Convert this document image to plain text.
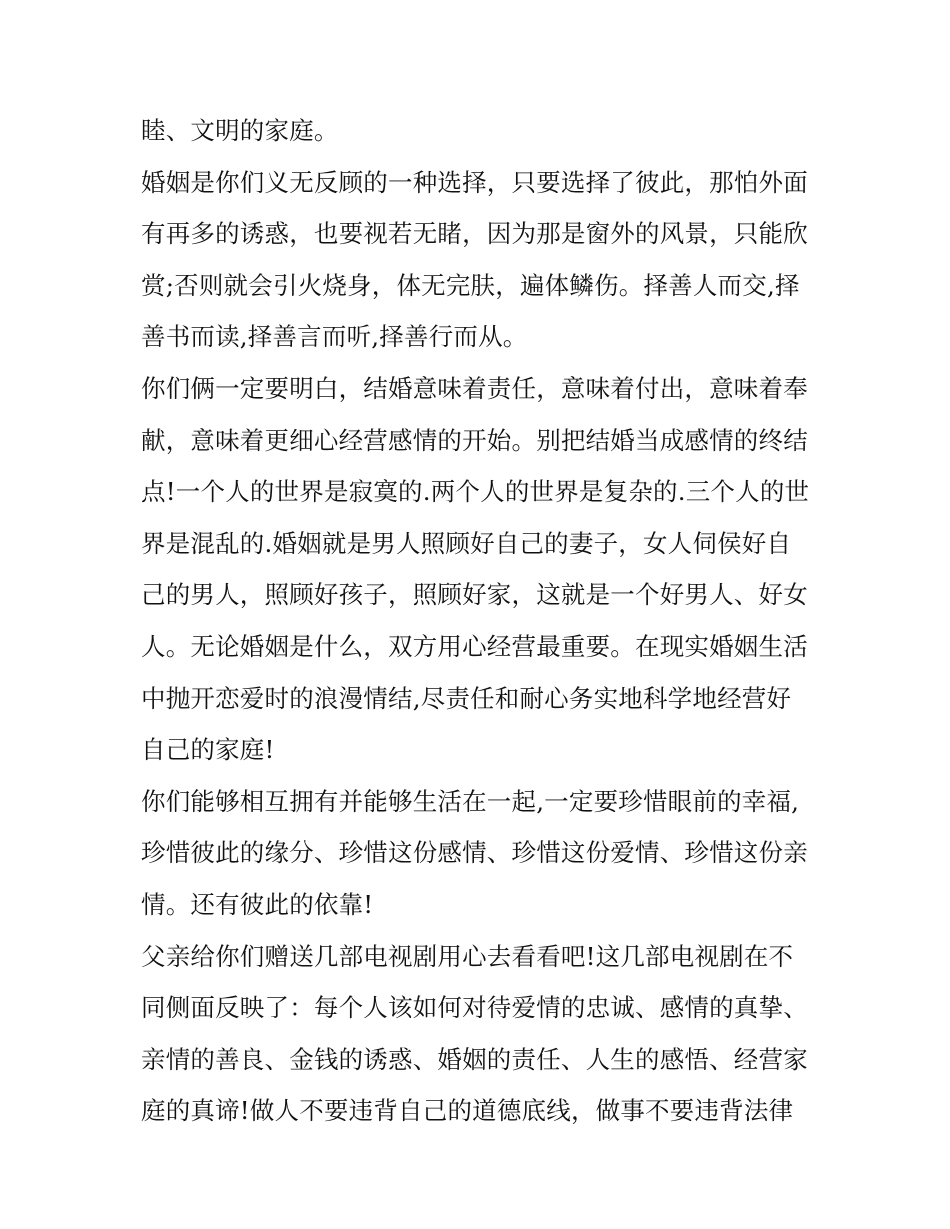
睦、文明的家庭。

婚姻是你们义无反顾的一种选择，只要选择了彼此，那怕外面
有再多的诱惑，也要视若无睹，因为那是窗外的风景，只能欣
赏;否则就会引火烧身，体无完肤，遍体鳞伤。择善人而交,择
善书而读,择善言而听,择善行而从。

你们俩一定要明白，结婚意味着责任，意味着付出，意味着奉
献，意味着更细心经营感情的开始。别把结婚当成感情的终结
点!一个人的世界是寂寞的.两个人的世界是复杂的.三个人的世
界是混乱的.婚姻就是男人照顾好自己的妻子，女人伺侯好自
己的男人，照顾好孩子，照顾好家，这就是一个好男人、好女
人。无论婚姻是什么，双方用心经营最重要。在现实婚姻生活
中抛开恋爱时的浪漫情结,尽责任和耐心务实地科学地经营好
自己的家庭!

你们能够相互拥有并能够生活在一起,一定要珍惜眼前的幸福,
珍惜彼此的缘分、珍惜这份感情、珍惜这份爱情、珍惜这份亲
情。还有彼此的依靠!

父亲给你们赠送几部电视剧用心去看看吧!这几部电视剧在不
同侧面反映了：每个人该如何对待爱情的忠诚、感情的真挚、
亲情的善良、金钱的诱惑、婚姻的责任、人生的感悟、经营家
庭的真谛!做人不要违背自己的道德底线，做事不要违背法律
